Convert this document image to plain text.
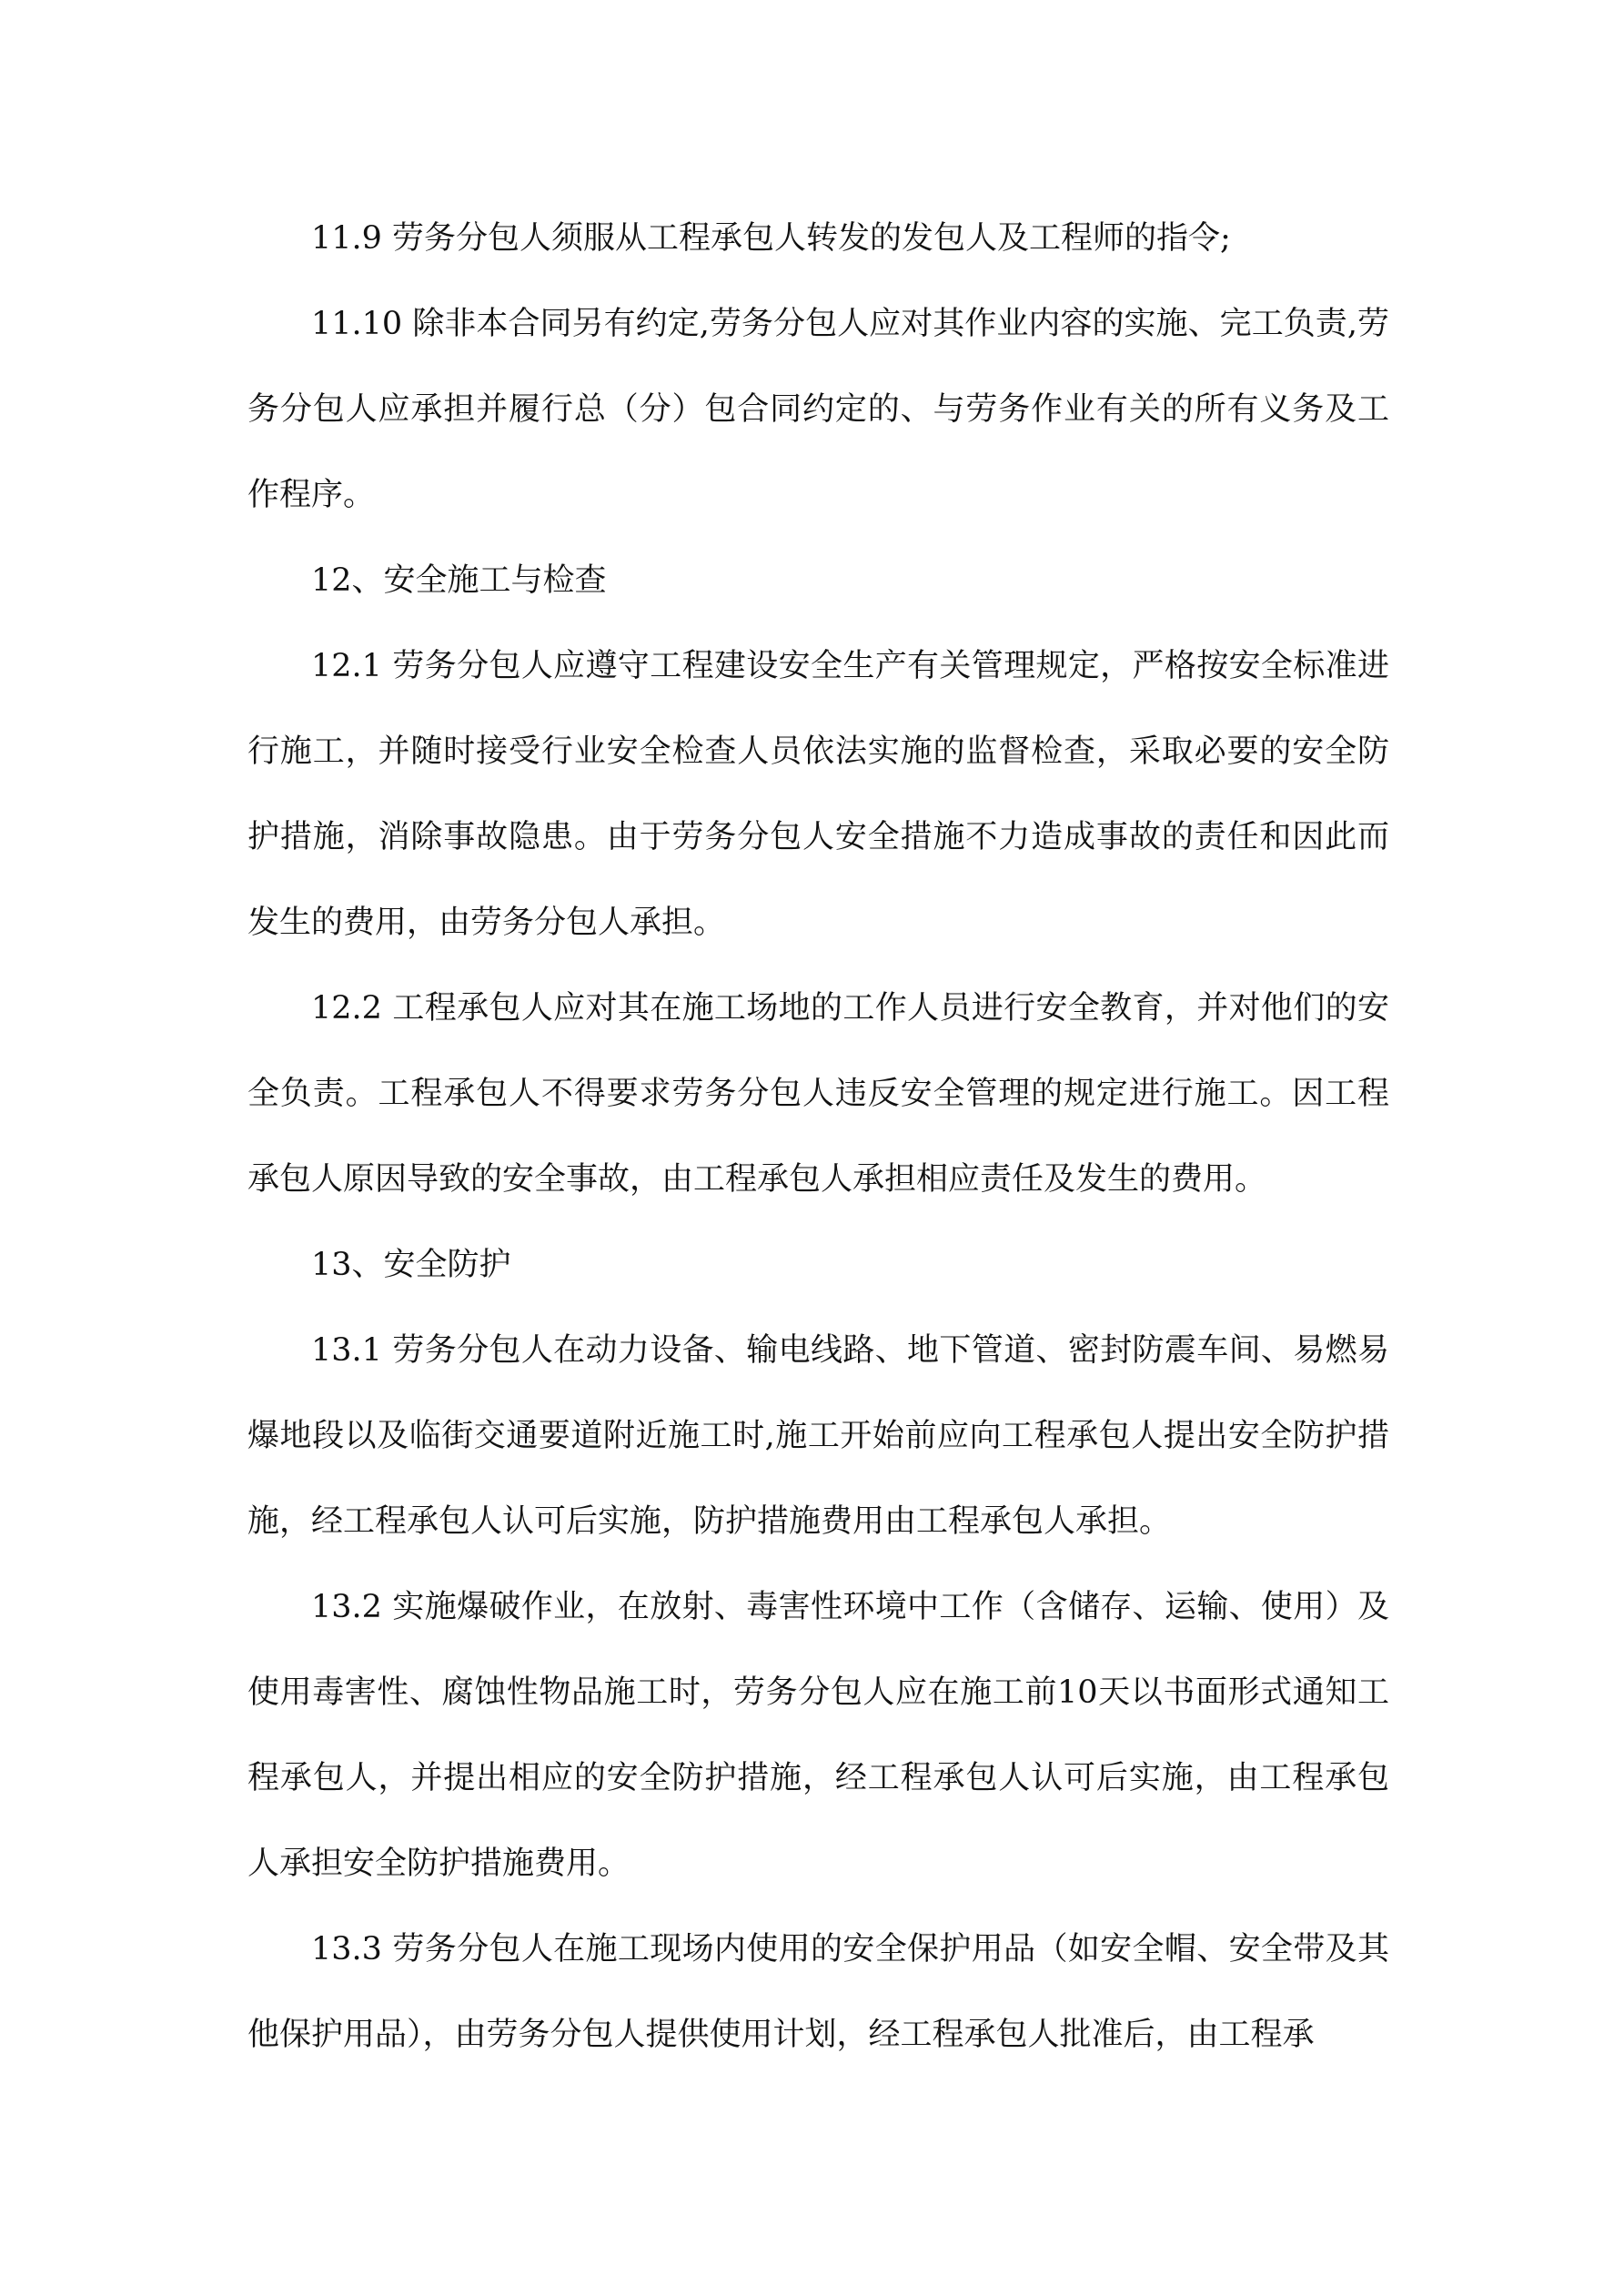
11.9 劳务分包人须服从工程承包人转发的发包人及工程师的指令;

11.10 除非本合同另有约定,劳务分包人应对其作业内容的实施、完工负责,劳务分包人应承担并履行总（分）包合同约定的、与劳务作业有关的所有义务及工作程序。

12、安全施工与检查

12.1 劳务分包人应遵守工程建设安全生产有关管理规定，严格按安全标准进行施工，并随时接受行业安全检查人员依法实施的监督检查，采取必要的安全防护措施，消除事故隐患。由于劳务分包人安全措施不力造成事故的责任和因此而发生的费用，由劳务分包人承担。

12.2 工程承包人应对其在施工场地的工作人员进行安全教育，并对他们的安全负责。工程承包人不得要求劳务分包人违反安全管理的规定进行施工。因工程承包人原因导致的安全事故，由工程承包人承担相应责任及发生的费用。

13、安全防护

13.1 劳务分包人在动力设备、输电线路、地下管道、密封防震车间、易燃易爆地段以及临街交通要道附近施工时,施工开始前应向工程承包人提出安全防护措施，经工程承包人认可后实施，防护措施费用由工程承包人承担。

13.2 实施爆破作业，在放射、毒害性环境中工作（含储存、运输、使用）及使用毒害性、腐蚀性物品施工时，劳务分包人应在施工前10天以书面形式通知工程承包人，并提出相应的安全防护措施，经工程承包人认可后实施，由工程承包人承担安全防护措施费用。

13.3 劳务分包人在施工现场内使用的安全保护用品（如安全帽、安全带及其他保护用品），由劳务分包人提供使用计划，经工程承包人批准后，由工程承
